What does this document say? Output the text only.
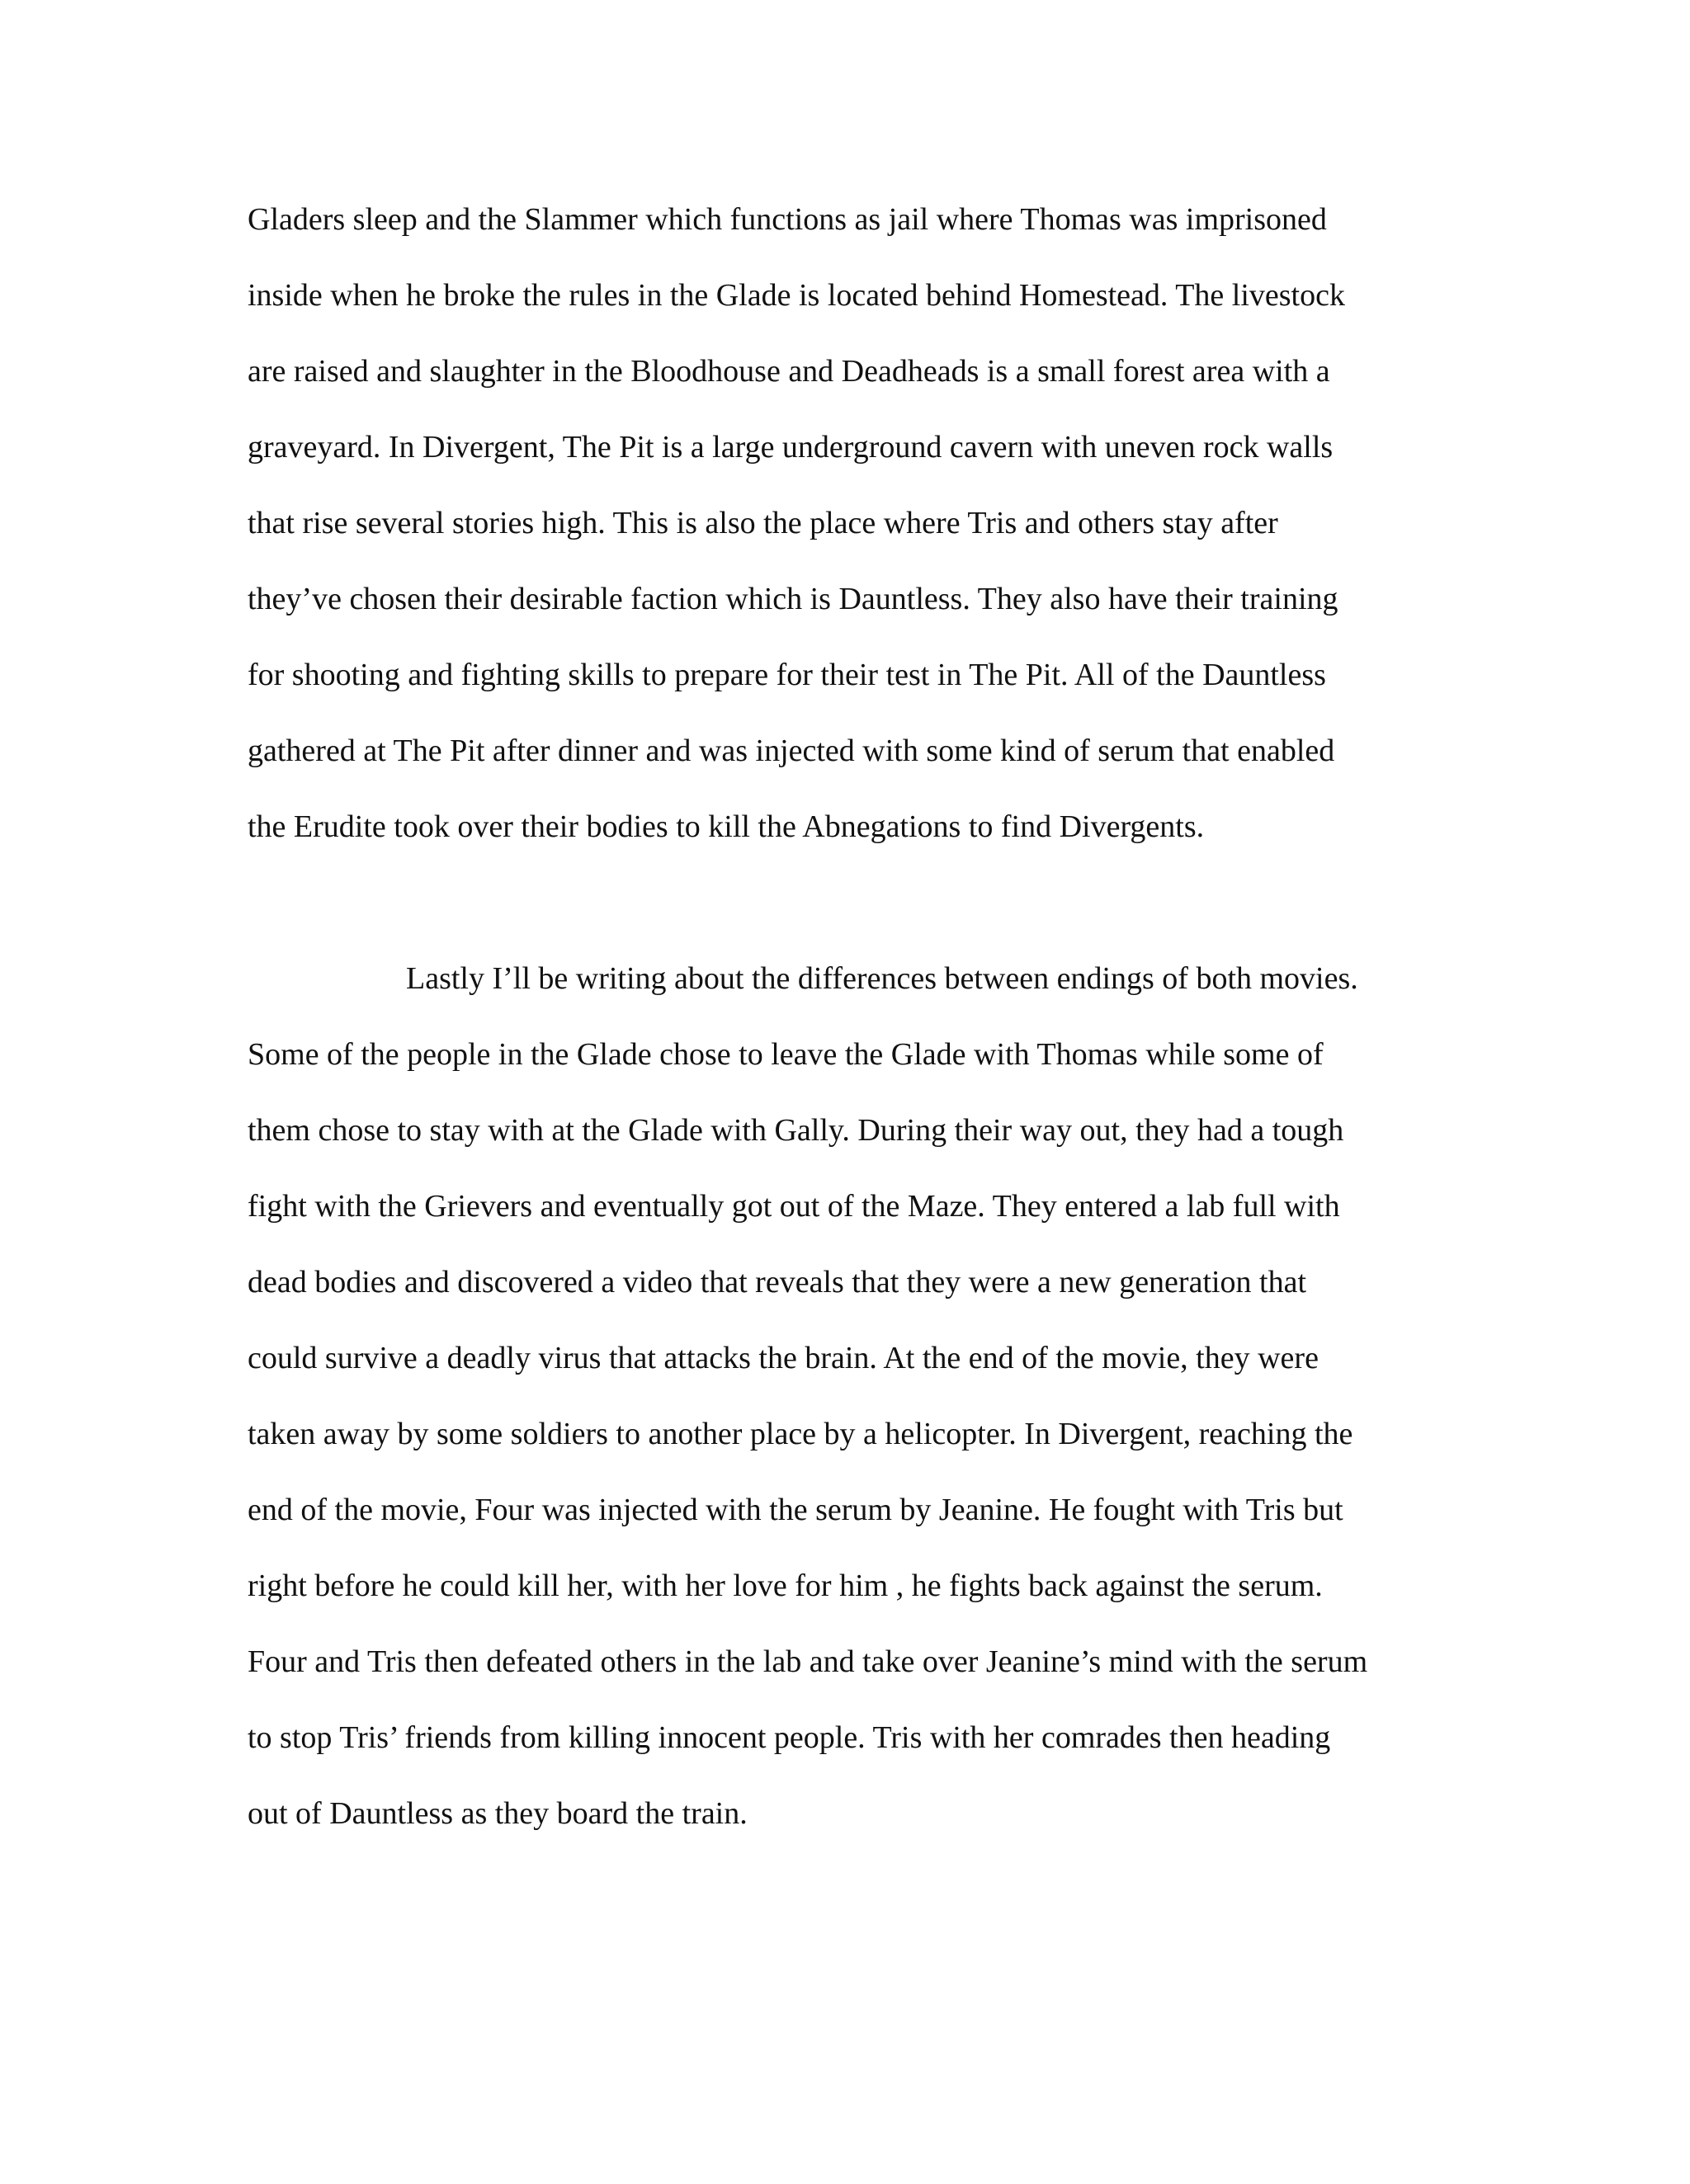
Gladers sleep and the Slammer which functions as jail where Thomas was imprisoned

inside when he broke the rules in the Glade is located behind Homestead. The livestock

are raised and slaughter in the Bloodhouse and Deadheads is a small forest area with a

graveyard. In Divergent, The Pit is a large underground cavern with uneven rock walls

that rise several stories high. This is also the place where Tris and others stay after

they’ve chosen their desirable faction which is Dauntless. They also have their training

for shooting and fighting skills to prepare for their test in The Pit. All of the Dauntless

gathered at The Pit after dinner and was injected with some kind of serum that enabled

the Erudite took over their bodies to kill the Abnegations to find Divergents.

Lastly I’ll be writing about the differences between endings of both movies.

Some of the people in the Glade chose to leave the Glade with Thomas while some of

them chose to stay with at the Glade with Gally. During their way out, they had a tough

fight with the Grievers and eventually got out of the Maze. They entered a lab full with

dead bodies and discovered a video that reveals that they were a new generation that

could survive a deadly virus that attacks the brain. At the end of the movie, they were

taken away by some soldiers to another place by a helicopter. In Divergent, reaching the

end of the movie, Four was injected with the serum by Jeanine. He fought with Tris but

right before he could kill her, with her love for him , he fights back against the serum.

Four and Tris then defeated others in the lab and take over Jeanine’s mind with the serum

to stop Tris’ friends from killing innocent people. Tris with her comrades then heading

out of Dauntless as they board the train.
